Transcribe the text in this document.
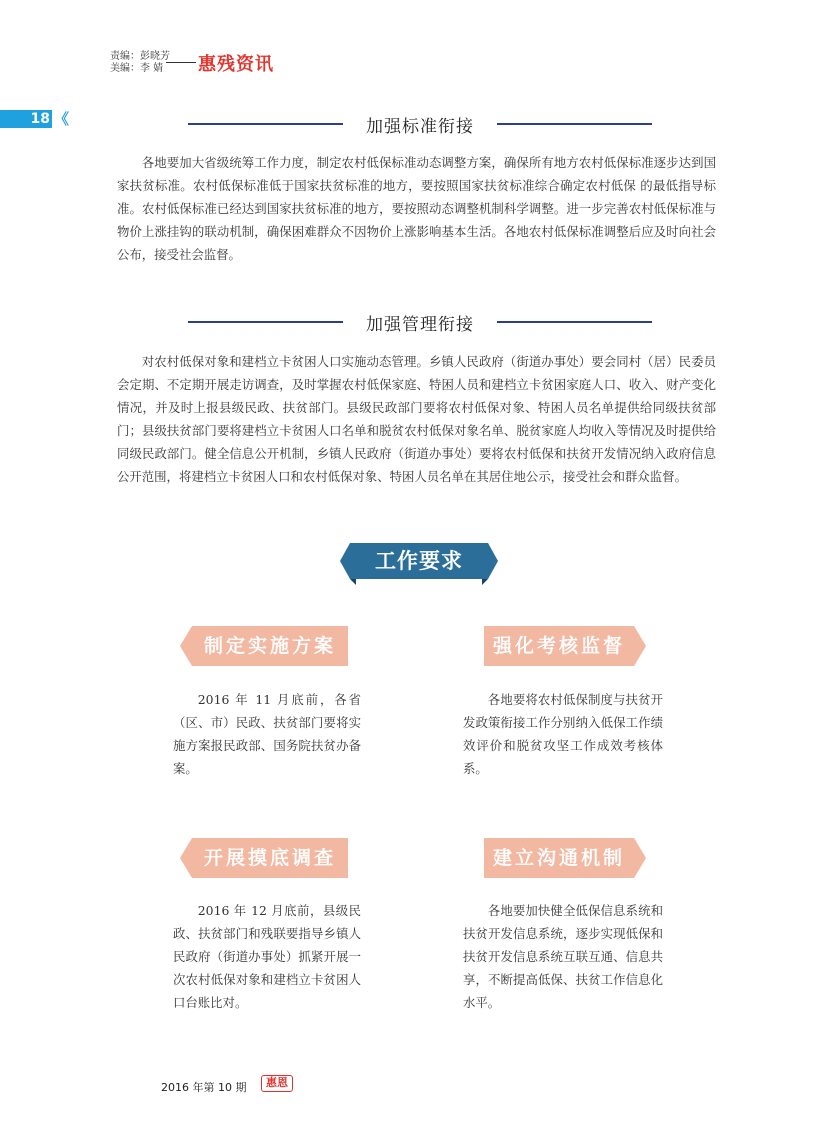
责编：彭晓芳
美编：李 婧	惠残资讯
18 《	加强标准衔接

各地要加大省级统筹工作力度，制定农村低保标准动态调整方案，确保所有地方农村低保标准逐步达到国家扶贫标准。农村低保标准低于国家扶贫标准的地方，要按照国家扶贫标准综合确定农村低保 的最低指导标准。农村低保标准已经达到国家扶贫标准的地方，要按照动态调整机制科学调整。进一步完善农村低保标准与物价上涨挂钩的联动机制，确保困难群众不因物价上涨影响基本生活。各地农村低保标准调整后应及时向社会公布，接受社会监督。

加强管理衔接

对农村低保对象和建档立卡贫困人口实施动态管理。乡镇人民政府（街道办事处）要会同村（居）民委员会定期、不定期开展走访调查，及时掌握农村低保家庭、特困人员和建档立卡贫困家庭人口、收入、财产变化情况，并及时上报县级民政、扶贫部门。县级民政部门要将农村低保对象、特困人员名单提供给同级扶贫部门；县级扶贫部门要将建档立卡贫困人口名单和脱贫农村低保对象名单、脱贫家庭人均收入等情况及时提供给同级民政部门。健全信息公开机制，乡镇人民政府（街道办事处）要将农村低保和扶贫开发情况纳入政府信息公开范围，将建档立卡贫困人口和农村低保对象、特困人员名单在其居住地公示，接受社会和群众监督。

工作要求
制定实施方案

2016 年 11 月底前，各省（区、市）民政、扶贫部门要将实施方案报民政部、国务院扶贫办备案。

强化考核监督

各地要将农村低保制度与扶贫开发政策衔接工作分别纳入低保工作绩效评价和脱贫攻坚工作成效考核体系。

开展摸底调查

2016 年 12 月底前，县级民政、扶贫部门和残联要指导乡镇人民政府（街道办事处）抓紧开展一次农村低保对象和建档立卡贫困人口台账比对。

建立沟通机制

各地要加快健全低保信息系统和扶贫开发信息系统，逐步实现低保和扶贫开发信息系统互联互通、信息共享，不断提高低保、扶贫工作信息化水平。

2016 年第 10 期	惠恩
